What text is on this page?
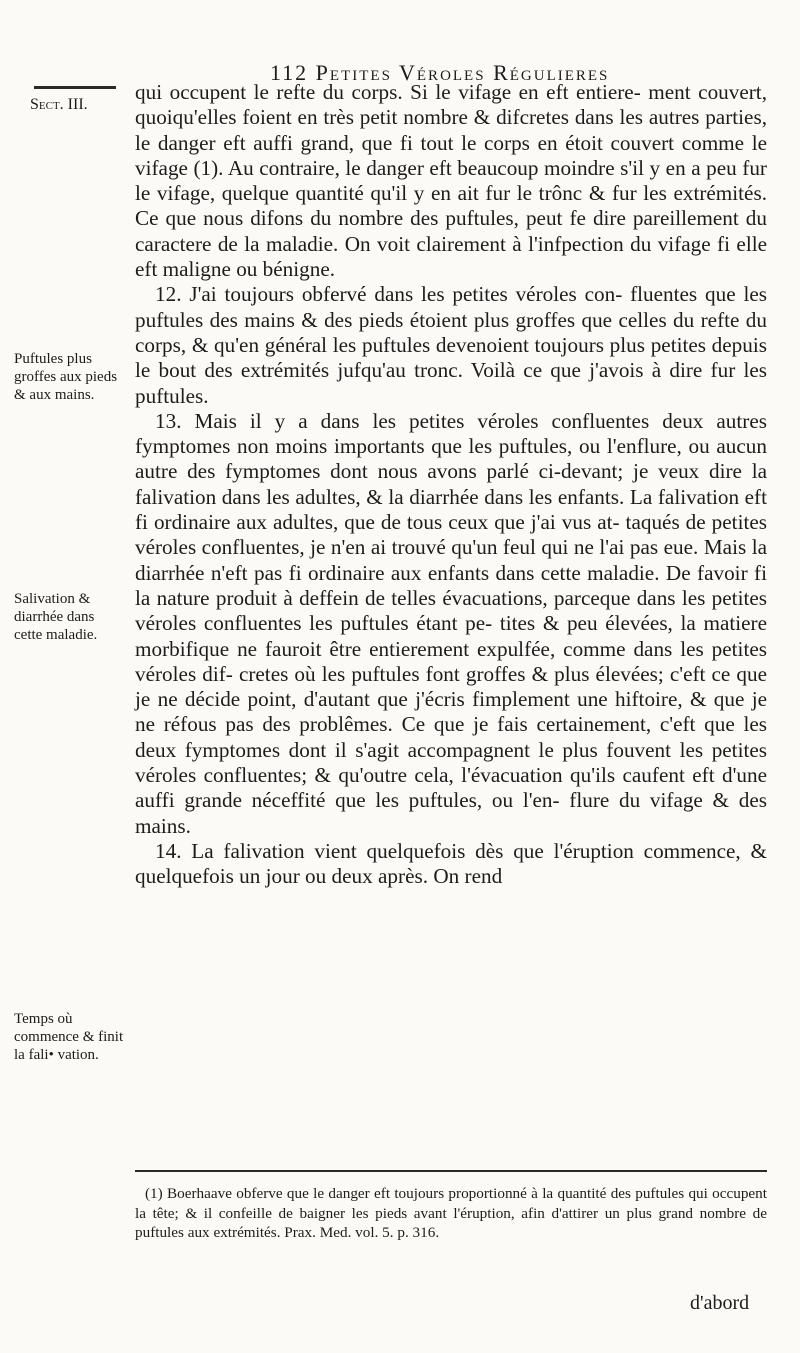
112 Petites Véroles Régulieres
Sect. III.
Puftules plus groffes aux pieds & aux mains.
Salivation & diarrhée dans cette maladie.
Temps où commence & finit la fali• vation.

qui occupent le refte du corps. Si le vifage en eft entiere- ment couvert, quoiqu'elles foient en très petit nombre & difcretes dans les autres parties, le danger eft auffi grand, que fi tout le corps en étoit couvert comme le vifage (1). Au contraire, le danger eft beaucoup moindre s'il y en a peu fur le vifage, quelque quantité qu'il y en ait fur le trônc & fur les extrémités. Ce que nous difons du nombre des puftules, peut fe dire pareillement du caractere de la maladie. On voit clairement à l'infpection du vifage fi elle eft maligne ou bénigne.

12. J'ai toujours obfervé dans les petites véroles con- fluentes que les puftules des mains & des pieds étoient plus groffes que celles du refte du corps, & qu'en général les puftules devenoient toujours plus petites depuis le bout des extrémités jufqu'au tronc. Voilà ce que j'avois à dire fur les puftules.

13. Mais il y a dans les petites véroles confluentes deux autres fymptomes non moins importants que les puftules, ou l'enflure, ou aucun autre des fymptomes dont nous avons parlé ci-devant; je veux dire la falivation dans les adultes, & la diarrhée dans les enfants. La falivation eft fi ordinaire aux adultes, que de tous ceux que j'ai vus at- taqués de petites véroles confluentes, je n'en ai trouvé qu'un feul qui ne l'ai pas eue. Mais la diarrhée n'eft pas fi ordinaire aux enfants dans cette maladie. De favoir fi la nature produit à deffein de telles évacuations, parceque dans les petites véroles confluentes les puftules étant pe- tites & peu élevées, la matiere morbifique ne fauroit être entierement expulfée, comme dans les petites véroles dif- cretes où les puftules font groffes & plus élevées; c'eft ce que je ne décide point, d'autant que j'écris fimplement une hiftoire, & que je ne réfous pas des problêmes. Ce que je fais certainement, c'eft que les deux fymptomes dont il s'agit accompagnent le plus fouvent les petites véroles confluentes; & qu'outre cela, l'évacuation qu'ils caufent eft d'une auffi grande néceffité que les puftules, ou l'en- flure du vifage & des mains.

14. La falivation vient quelquefois dès que l'éruption commence, & quelquefois un jour ou deux après. On rend

(1) Boerhaave obferve que le danger eft toujours proportionné à la quantité des puftules qui occupent la tête; & il confeille de baigner les pieds avant l'éruption, afin d'attirer un plus grand nombre de puftules aux extrémités. Prax. Med. vol. 5. p. 316.

d'abord
